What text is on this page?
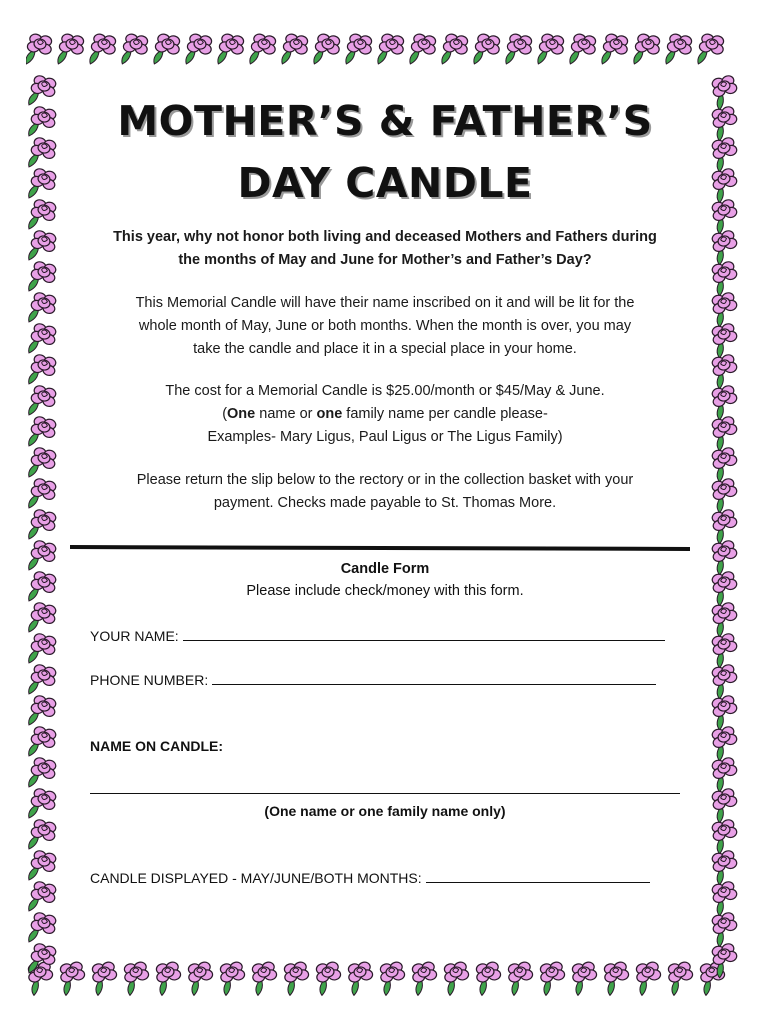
MOTHER’S & FATHER’S
DAY CANDLE
This year, why not honor both living and deceased Mothers and Fathers during
the months of May and June for Mother’s and Father’s Day?
This Memorial Candle will have their name inscribed on it and will be lit for the
whole month of May, June or both months. When the month is over, you may
take the candle and place it in a special place in your home.
The cost for a Memorial Candle is $25.00/month or $45/May & June.
(One name or one family name per candle please-
Examples- Mary Ligus, Paul Ligus or The Ligus Family)
Please return the slip below to the rectory or in the collection basket with your
payment. Checks made payable to St. Thomas More.
Candle Form
Please include check/money with this form.
YOUR NAME:
PHONE NUMBER:
NAME ON CANDLE:
(One name or one family name only)
CANDLE DISPLAYED - MAY/JUNE/BOTH MONTHS:
